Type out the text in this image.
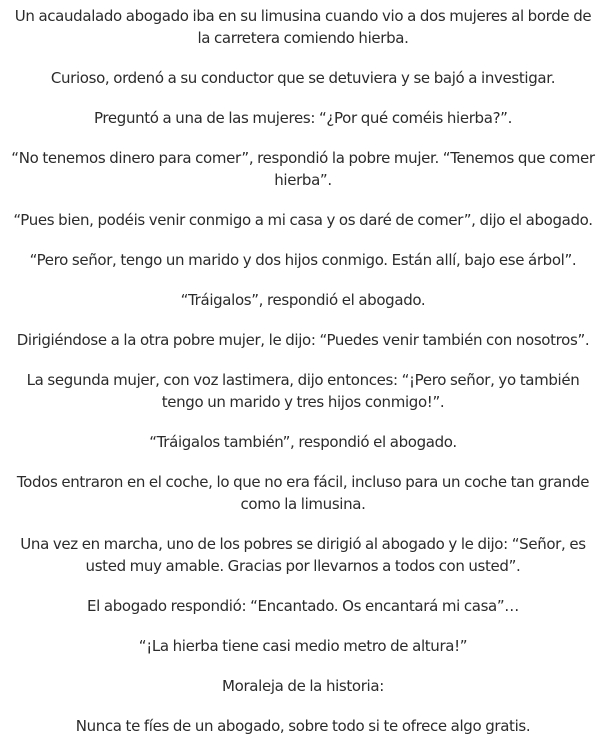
Un acaudalado abogado iba en su limusina cuando vio a dos mujeres al borde de la carretera comiendo hierba.

Curioso, ordenó a su conductor que se detuviera y se bajó a investigar.

Preguntó a una de las mujeres: “¿Por qué coméis hierba?”.

“No tenemos dinero para comer”, respondió la pobre mujer. “Tenemos que comer hierba”.

“Pues bien, podéis venir conmigo a mi casa y os daré de comer”, dijo el abogado.

“Pero señor, tengo un marido y dos hijos conmigo. Están allí, bajo ese árbol”.

“Tráigalos”, respondió el abogado.

Dirigiéndose a la otra pobre mujer, le dijo: “Puedes venir también con nosotros”.

La segunda mujer, con voz lastimera, dijo entonces: “¡Pero señor, yo también tengo un marido y tres hijos conmigo!”.

“Tráigalos también”, respondió el abogado.

Todos entraron en el coche, lo que no era fácil, incluso para un coche tan grande como la limusina.

Una vez en marcha, uno de los pobres se dirigió al abogado y le dijo: “Señor, es usted muy amable. Gracias por llevarnos a todos con usted”.

El abogado respondió: “Encantado. Os encantará mi casa”…

“¡La hierba tiene casi medio metro de altura!”

Moraleja de la historia:

Nunca te fíes de un abogado, sobre todo si te ofrece algo gratis.
